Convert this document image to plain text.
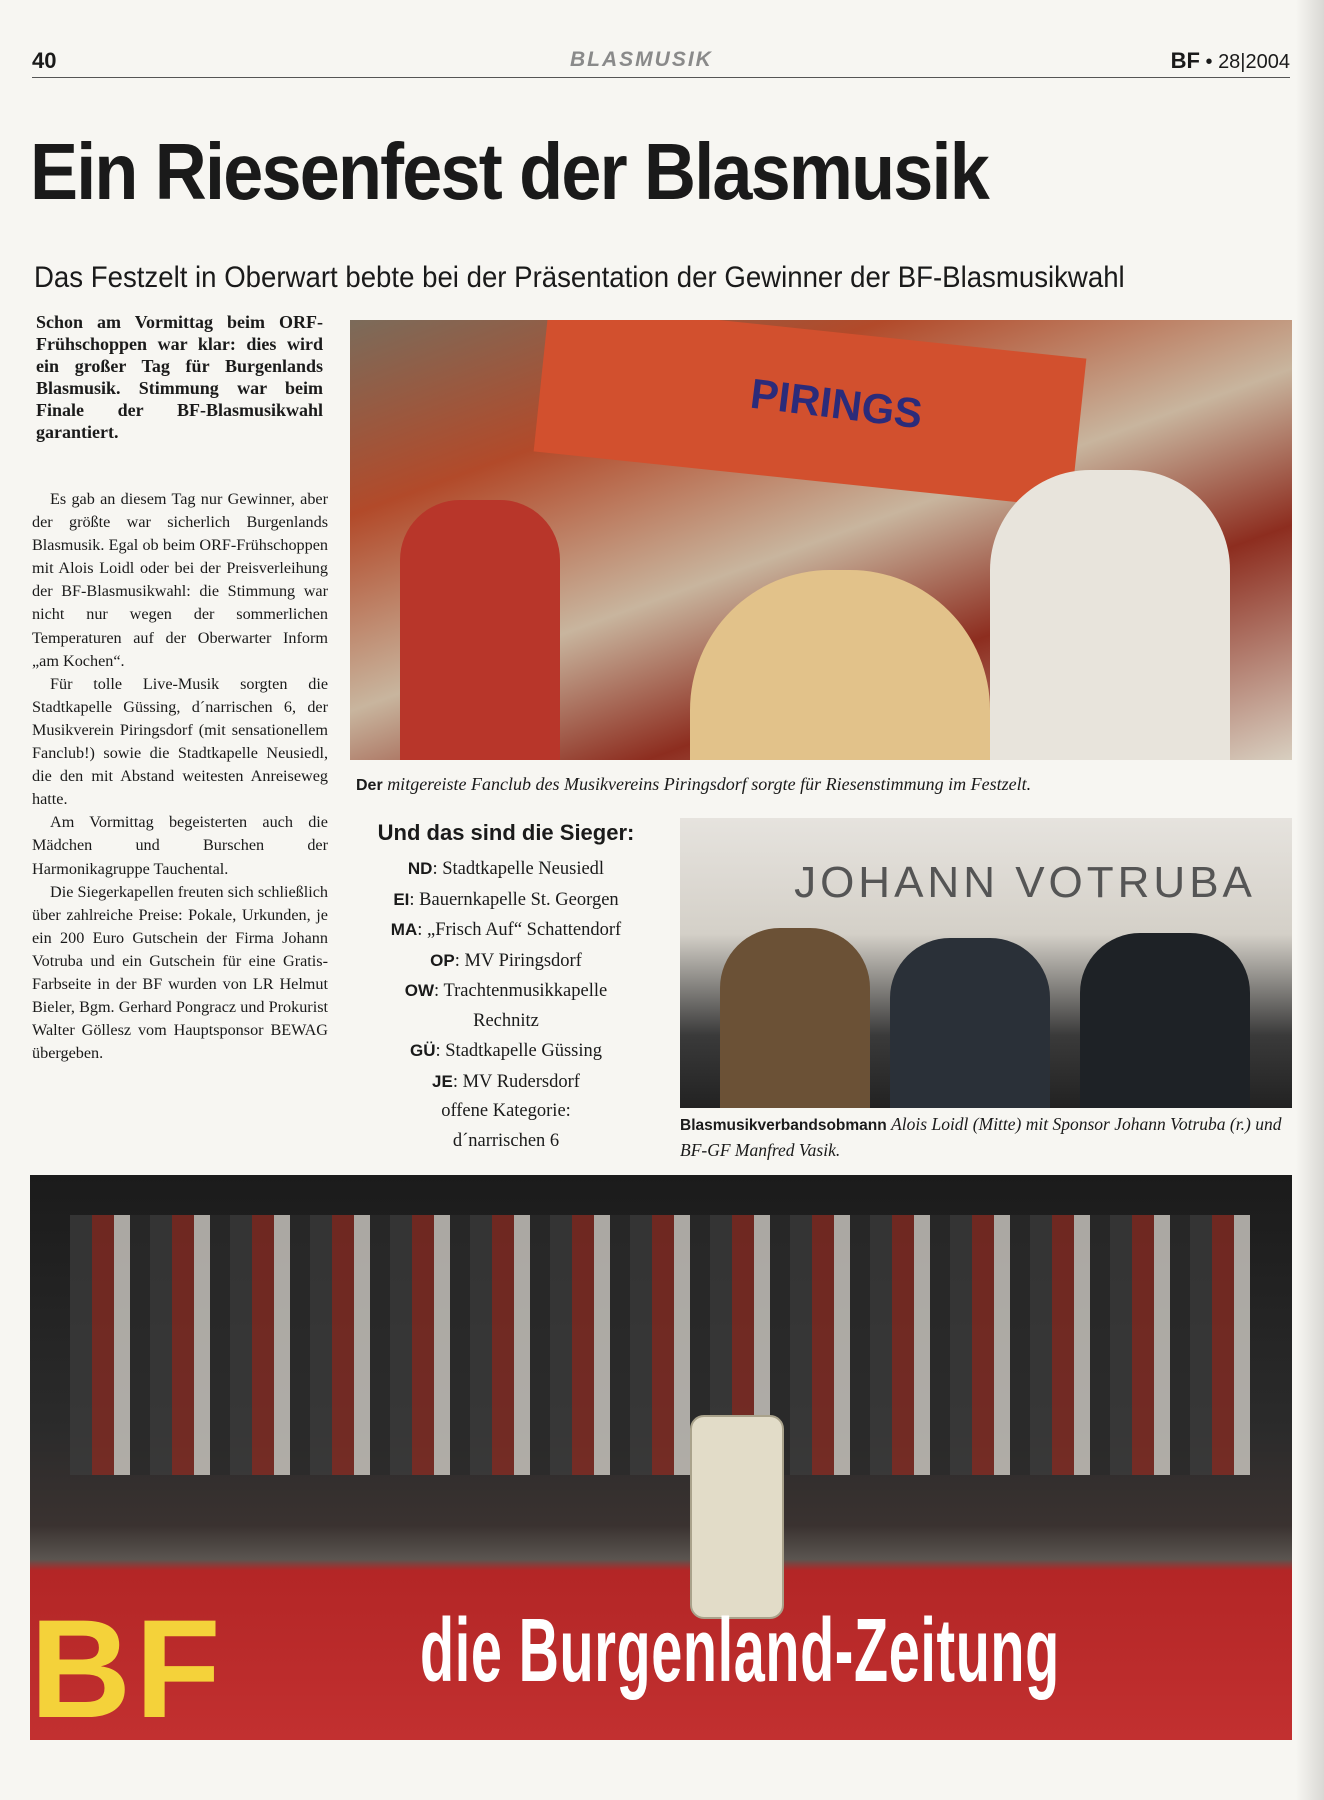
40	BLASMUSIK	BF • 28|2004
Ein Riesenfest der Blasmusik
Das Festzelt in Oberwart bebte bei der Präsentation der Gewinner der BF-Blasmusikwahl
Schon am Vormittag beim ORF-Frühschoppen war klar: dies wird ein großer Tag für Burgenlands Blasmusik. Stimmung war beim Finale der BF-Blasmusikwahl garantiert.

Es gab an diesem Tag nur Gewinner, aber der größte war sicherlich Burgenlands Blasmusik. Egal ob beim ORF-Frühschoppen mit Alois Loidl oder bei der Preisverleihung der BF-Blasmusikwahl: die Stimmung war nicht nur wegen der sommerlichen Temperaturen auf der Oberwarter Inform „am Kochen“.

Für tolle Live-Musik sorgten die Stadtkapelle Güssing, d´narrischen 6, der Musikverein Piringsdorf (mit sensationellem Fanclub!) sowie die Stadtkapelle Neusiedl, die den mit Abstand weitesten Anreiseweg hatte.

Am Vormittag begeisterten auch die Mädchen und Burschen der Harmonikagruppe Tauchental.

Die Siegerkapellen freuten sich schließlich über zahlreiche Preise: Pokale, Urkunden, je ein 200 Euro Gutschein der Firma Johann Votruba und ein Gutschein für eine Gratis-Farbseite in der BF wurden von LR Helmut Bieler, Bgm. Gerhard Pongracz und Prokurist Walter Göllesz vom Hauptsponsor BEWAG übergeben.

PIRINGS
Der mitgereiste Fanclub des Musikvereins Piringsdorf sorgte für Riesenstimmung im Festzelt.
Und das sind die Sieger:
ND: Stadtkapelle Neusiedl
EI: Bauernkapelle St. Georgen
MA: „Frisch Auf“ Schattendorf
OP: MV Piringsdorf
OW: Trachtenmusikkapelle
Rechnitz
GÜ: Stadtkapelle Güssing
JE: MV Rudersdorf
offene Kategorie:
d´narrischen 6
JOHANN VOTRUBA
Blasmusikverbandsobmann Alois Loidl (Mitte) mit Sponsor Johann Votruba (r.) und BF-GF Manfred Vasik.
BF die Burgenland-Zeitung
